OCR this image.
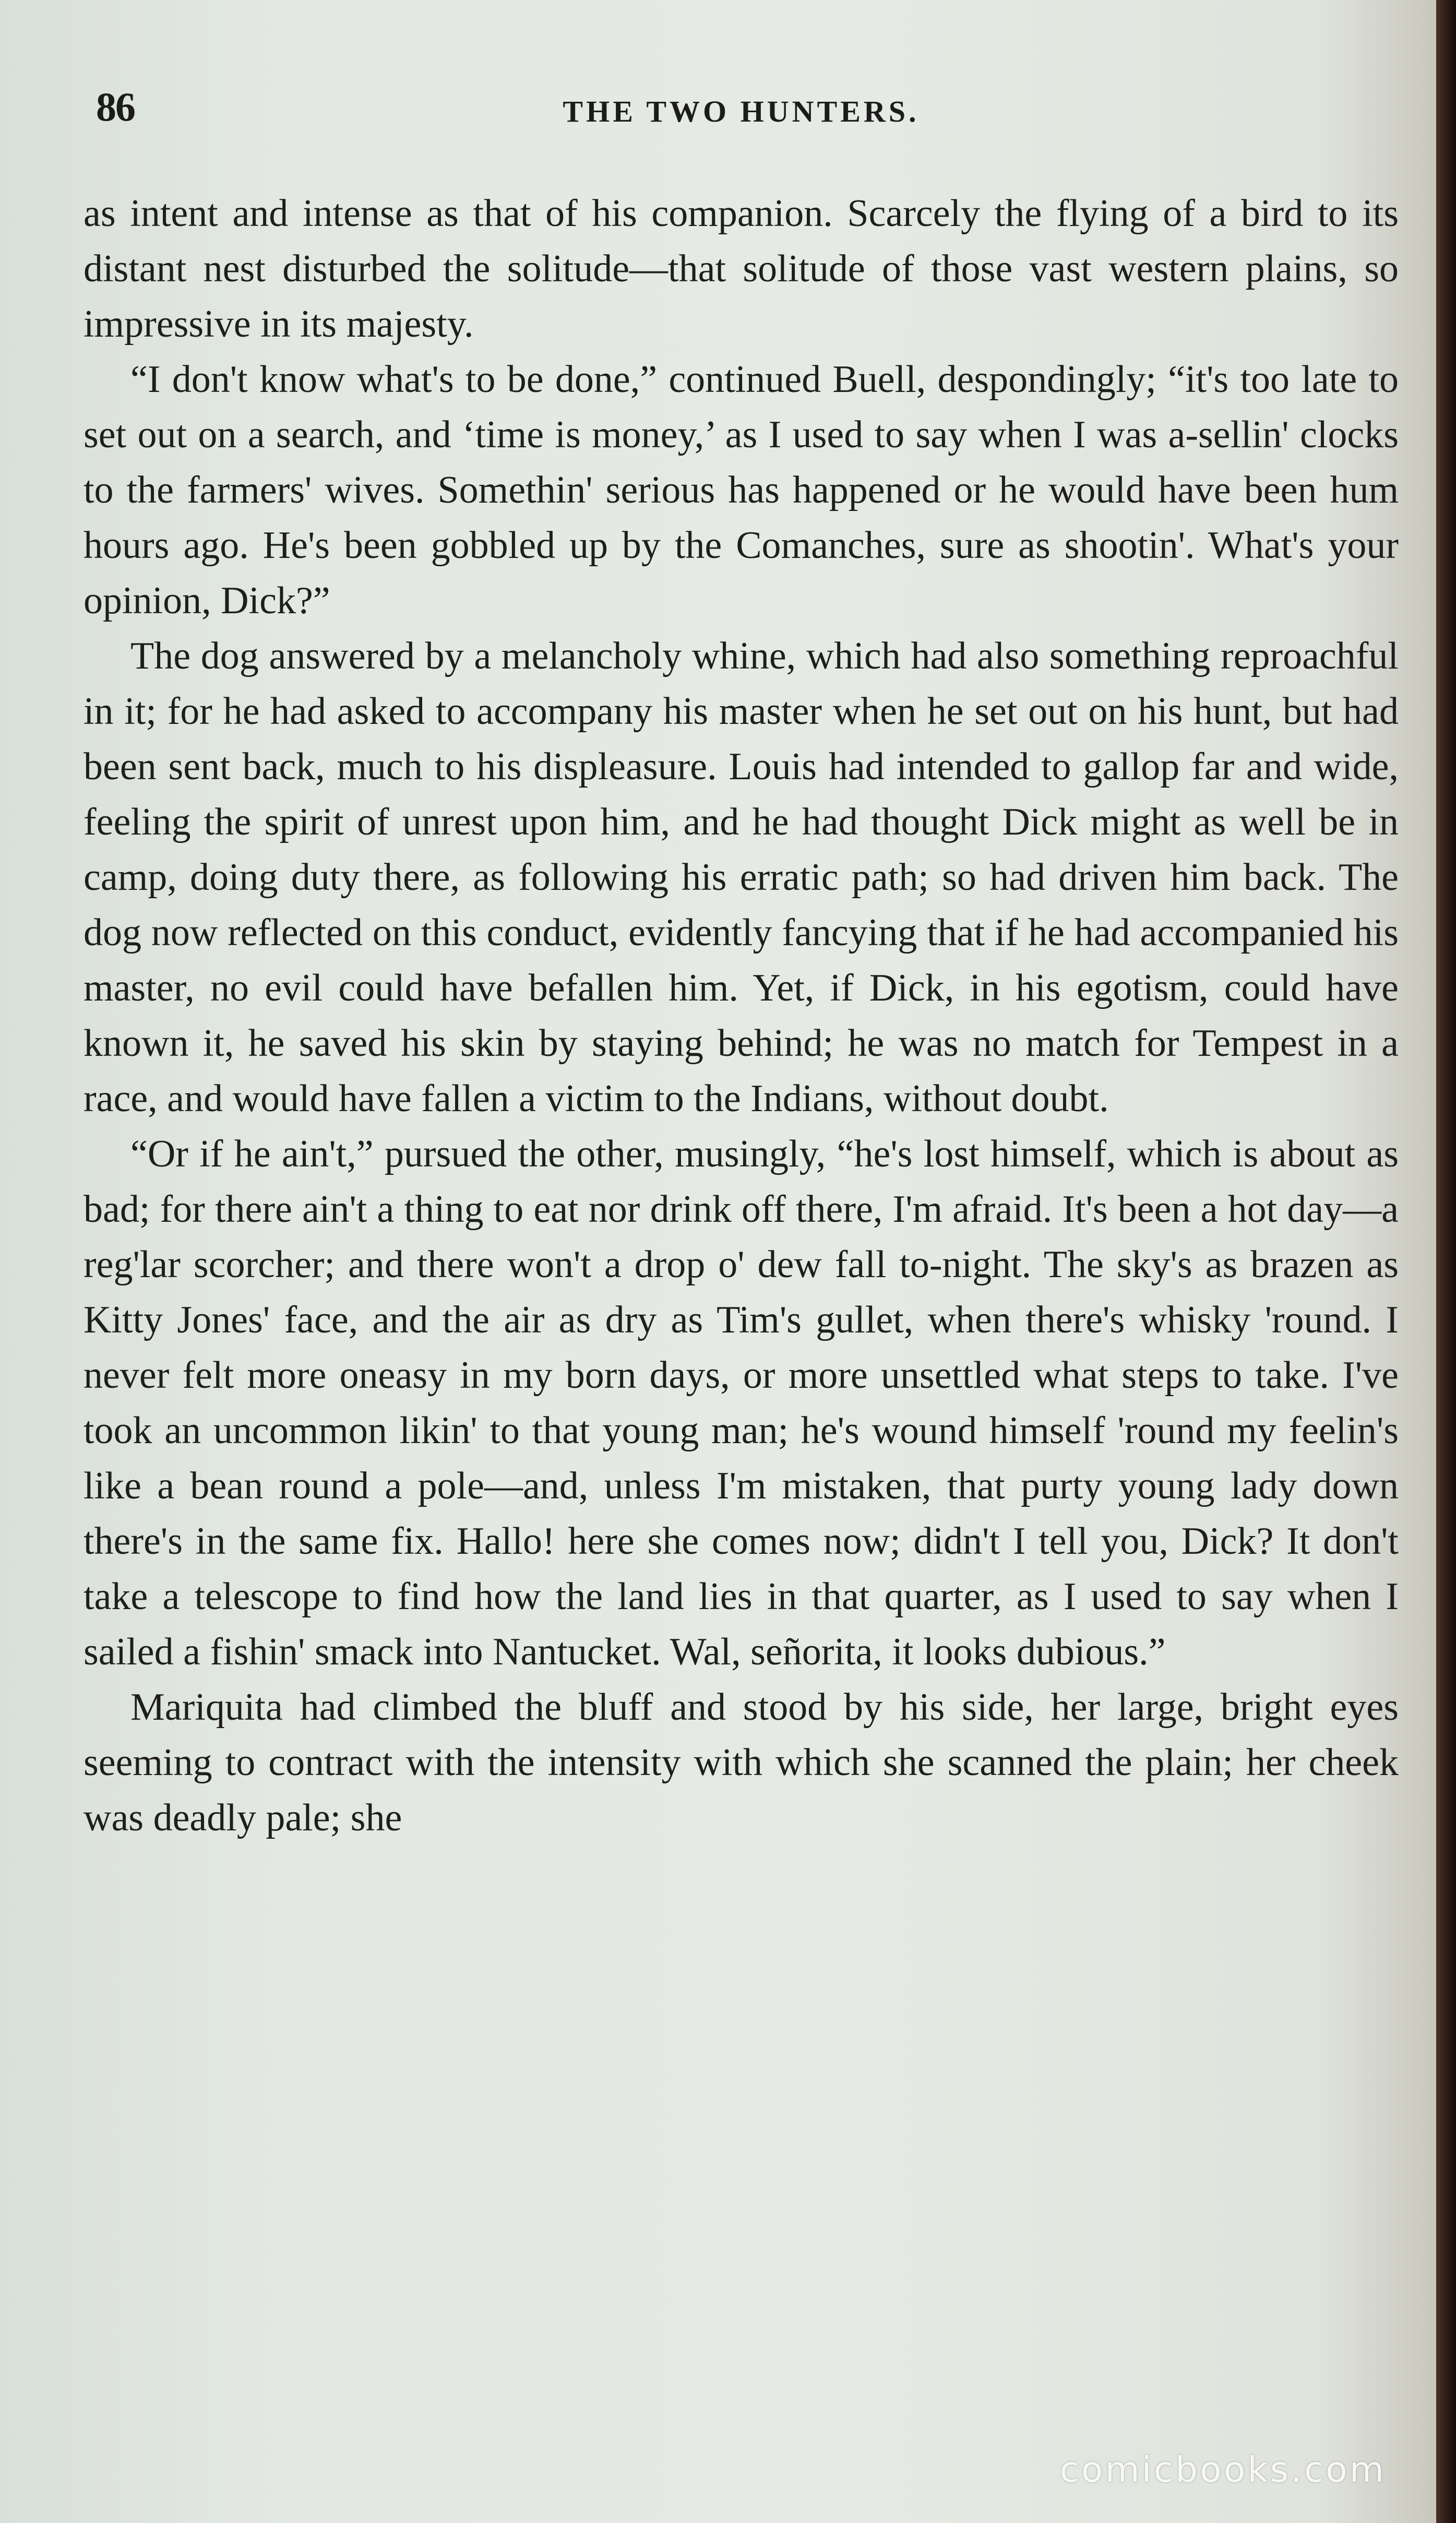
86	THE TWO HUNTERS.

as intent and intense as that of his companion. Scarcely the flying of a bird to its distant nest disturbed the solitude—that solitude of those vast western plains, so impressive in its majesty.

“I don't know what's to be done,” continued Buell, despondingly; “it's too late to set out on a search, and ‘time is money,’ as I used to say when I was a-sellin' clocks to the farmers' wives. Somethin' serious has happened or he would have been hum hours ago. He's been gobbled up by the Comanches, sure as shootin'. What's your opinion, Dick?”

The dog answered by a melancholy whine, which had also something reproachful in it; for he had asked to accompany his master when he set out on his hunt, but had been sent back, much to his displeasure. Louis had intended to gallop far and wide, feeling the spirit of unrest upon him, and he had thought Dick might as well be in camp, doing duty there, as following his erratic path; so had driven him back. The dog now reflected on this conduct, evidently fancying that if he had accompanied his master, no evil could have befallen him. Yet, if Dick, in his egotism, could have known it, he saved his skin by staying behind; he was no match for Tempest in a race, and would have fallen a victim to the Indians, without doubt.

“Or if he ain't,” pursued the other, musingly, “he's lost himself, which is about as bad; for there ain't a thing to eat nor drink off there, I'm afraid. It's been a hot day—a reg'lar scorcher; and there won't a drop o' dew fall to-night. The sky's as brazen as Kitty Jones' face, and the air as dry as Tim's gullet, when there's whisky 'round. I never felt more oneasy in my born days, or more unsettled what steps to take. I've took an uncommon likin' to that young man; he's wound himself 'round my feelin's like a bean round a pole—and, unless I'm mistaken, that purty young lady down there's in the same fix. Hallo! here she comes now; didn't I tell you, Dick? It don't take a telescope to find how the land lies in that quarter, as I used to say when I sailed a fishin' smack into Nantucket. Wal, señorita, it looks dubious.”

Mariquita had climbed the bluff and stood by his side, her large, bright eyes seeming to contract with the intensity with which she scanned the plain; her cheek was deadly pale; she

comicbooks.com
